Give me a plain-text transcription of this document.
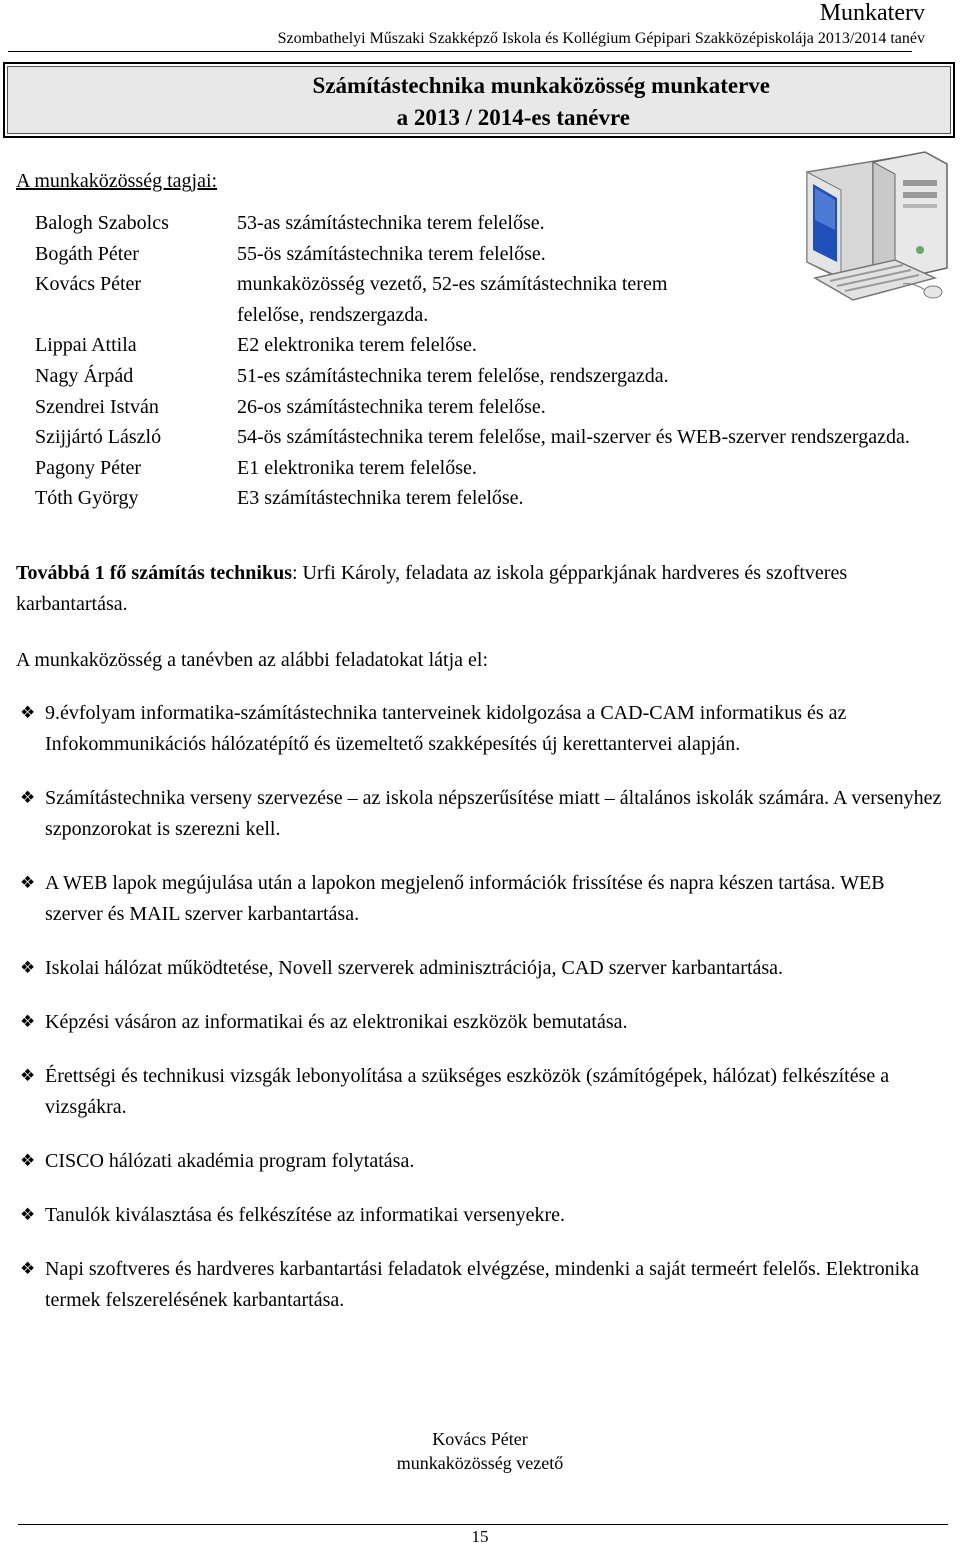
Munkaterv
Szombathelyi Műszaki Szakképző Iskola és Kollégium Gépipari Szakközépiskolája 2013/2014 tanév
Számítástechnika munkaközösség munkaterve
a 2013 / 2014-es tanévre
A munkaközösség tagjai:
Balogh Szabolcs	53-as számítástechnika terem felelőse.
Bogáth Péter	55-ös számítástechnika terem felelőse.
Kovács Péter	munkaközösség vezető, 52-es számítástechnika terem felelőse, rendszergazda.
Lippai Attila	E2 elektronika terem felelőse.
Nagy Árpád	51-es számítástechnika terem felelőse, rendszergazda.
Szendrei István	26-os számítástechnika terem felelőse.
Szijjártó László	54-ös számítástechnika terem felelőse, mail-szerver és WEB-szerver rendszergazda.
Pagony Péter	E1 elektronika terem felelőse.
Tóth György	E3 számítástechnika terem felelőse.
Továbbá 1 fő számítás technikus: Urfi Károly, feladata az iskola gépparkjának hardveres és szoftveres karbantartása.
A munkaközösség a tanévben az alábbi feladatokat látja el:
❖ 9.évfolyam informatika-számítástechnika tanterveinek kidolgozása a CAD-CAM informatikus és az Infokommunikációs hálózatépítő és üzemeltető szakképesítés új kerettantervei alapján.
❖ Számítástechnika verseny szervezése – az iskola népszerűsítése miatt – általános iskolák számára. A versenyhez szponzorokat is szerezni kell.
❖ A WEB lapok megújulása után a lapokon megjelenő információk frissítése és napra készen tartása. WEB szerver és MAIL szerver karbantartása.
❖ Iskolai hálózat működtetése, Novell szerverek adminisztrációja, CAD szerver karbantartása.
❖ Képzési vásáron az informatikai és az elektronikai eszközök bemutatása.
❖ Érettségi és technikusi vizsgák lebonyolítása a szükséges eszközök (számítógépek, hálózat) felkészítése a vizsgákra.
❖ CISCO hálózati akadémia program folytatása.
❖ Tanulók kiválasztása és felkészítése az informatikai versenyekre.
❖ Napi szoftveres és hardveres karbantartási feladatok elvégzése, mindenki a saját termeért felelős. Elektronika termek felszerelésének karbantartása.
Kovács Péter
munkaközösség vezető
15
